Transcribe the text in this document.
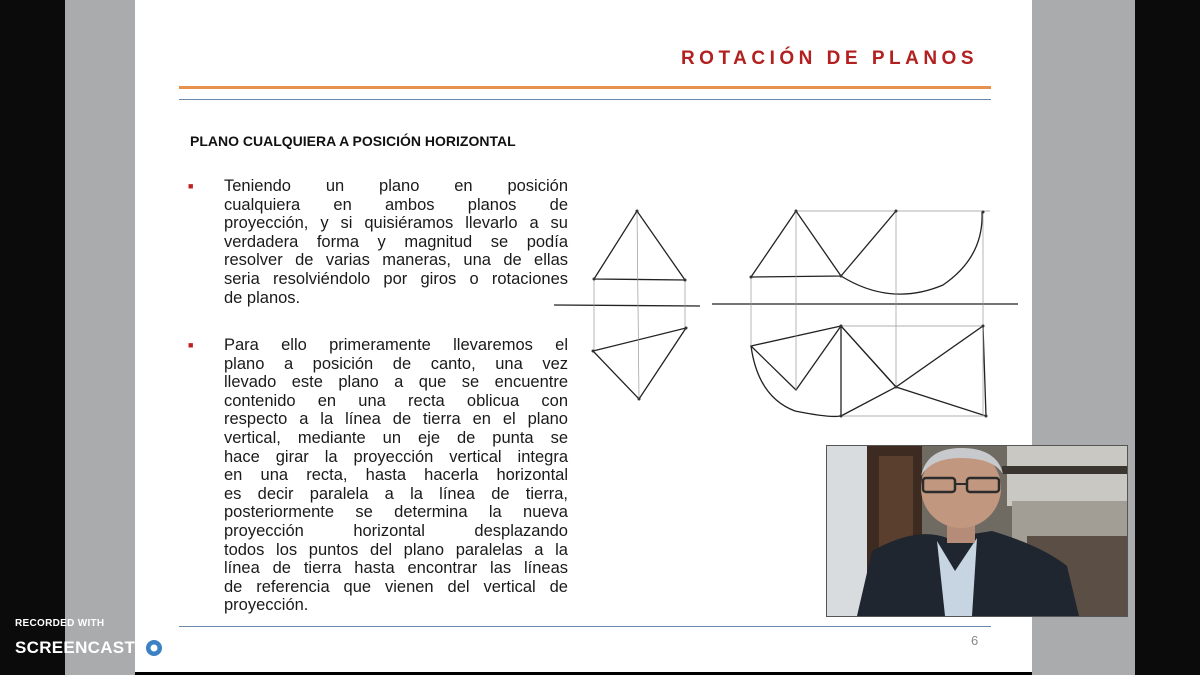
ROTACIÓN DE PLANOS
PLANO CUALQUIERA A POSICIÓN HORIZONTAL
■ Teniendo un plano en posición
cualquiera en ambos planos de
proyección, y si quisiéramos llevarlo a su
verdadera forma y magnitud se podía
resolver de varias maneras, una de ellas
seria resolviéndolo por giros o rotaciones
de planos.
■ Para ello primeramente llevaremos el
plano a posición de canto, una vez
llevado este plano a que se encuentre
contenido en una recta oblicua con
respecto a la línea de tierra en el plano
vertical, mediante un eje de punta se
hace girar la proyección vertical integra
en una recta, hasta hacerla horizontal
es decir paralela a la línea de tierra,
posteriormente se determina la nueva
proyección horizontal desplazando
todos los puntos del plano paralelas a la
línea de tierra hasta encontrar las líneas
de referencia que vienen del vertical de
proyección.
6
RECORDED WITH
SCREENCAST MATIC
